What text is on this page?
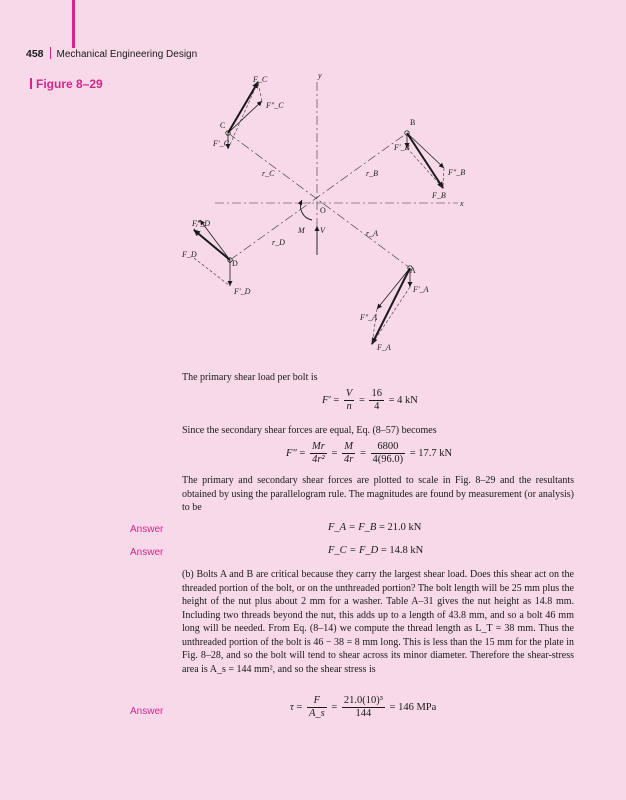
458 Mechanical Engineering Design
Figure 8–29
y
x
O
M V
C
F_C
F″_C
F′_C
r_C
B
F′_B
F″_B
F_B
r_B
D
F″_D
F_D
F′_D
r_D
A
F′_A
F″_A
F_A
r_A
The primary shear load per bolt is
$F' = \frac{V}{n} = \frac{16}{4} = 4$ kN
Since the secondary shear forces are equal, Eq. (8–57) becomes
$F'' = \frac{Mr}{\text{4r²}} = \frac{M}{4r} = \frac{6800}{4(96.0)} = 17.7$ kN
The primary and secondary shear forces are plotted to scale in Fig. 8–29 and the resultants obtained by using the parallelogram rule. The magnitudes are found by measurement (or analysis) to be
Answer	F_A = F_B = 21.0 kN
Answer	F_C = F_D = 14.8 kN
(b) Bolts A and B are critical because they carry the largest shear load. Does this shear act on the threaded portion of the bolt, or on the unthreaded portion? The bolt length will be 25 mm plus the height of the nut plus about 2 mm for a washer. Table A–31 gives the nut height as 14.8 mm. Including two threads beyond the nut, this adds up to a length of 43.8 mm, and so a bolt 46 mm long will be needed. From Eq. (8–14) we compute the thread length as L_T = 38 mm. Thus the unthreaded portion of the bolt is 46 − 38 = 8 mm long. This is less than the 15 mm for the plate in Fig. 8–28, and so the bolt will tend to shear across its minor diameter. Therefore the shear-stress area is A_s = 144 mm², and so the shear stress is
Answer	$\tau = \frac{F}{A\_s} = \frac{\text{21.0(10)³}}{144} = 146$ MPa
